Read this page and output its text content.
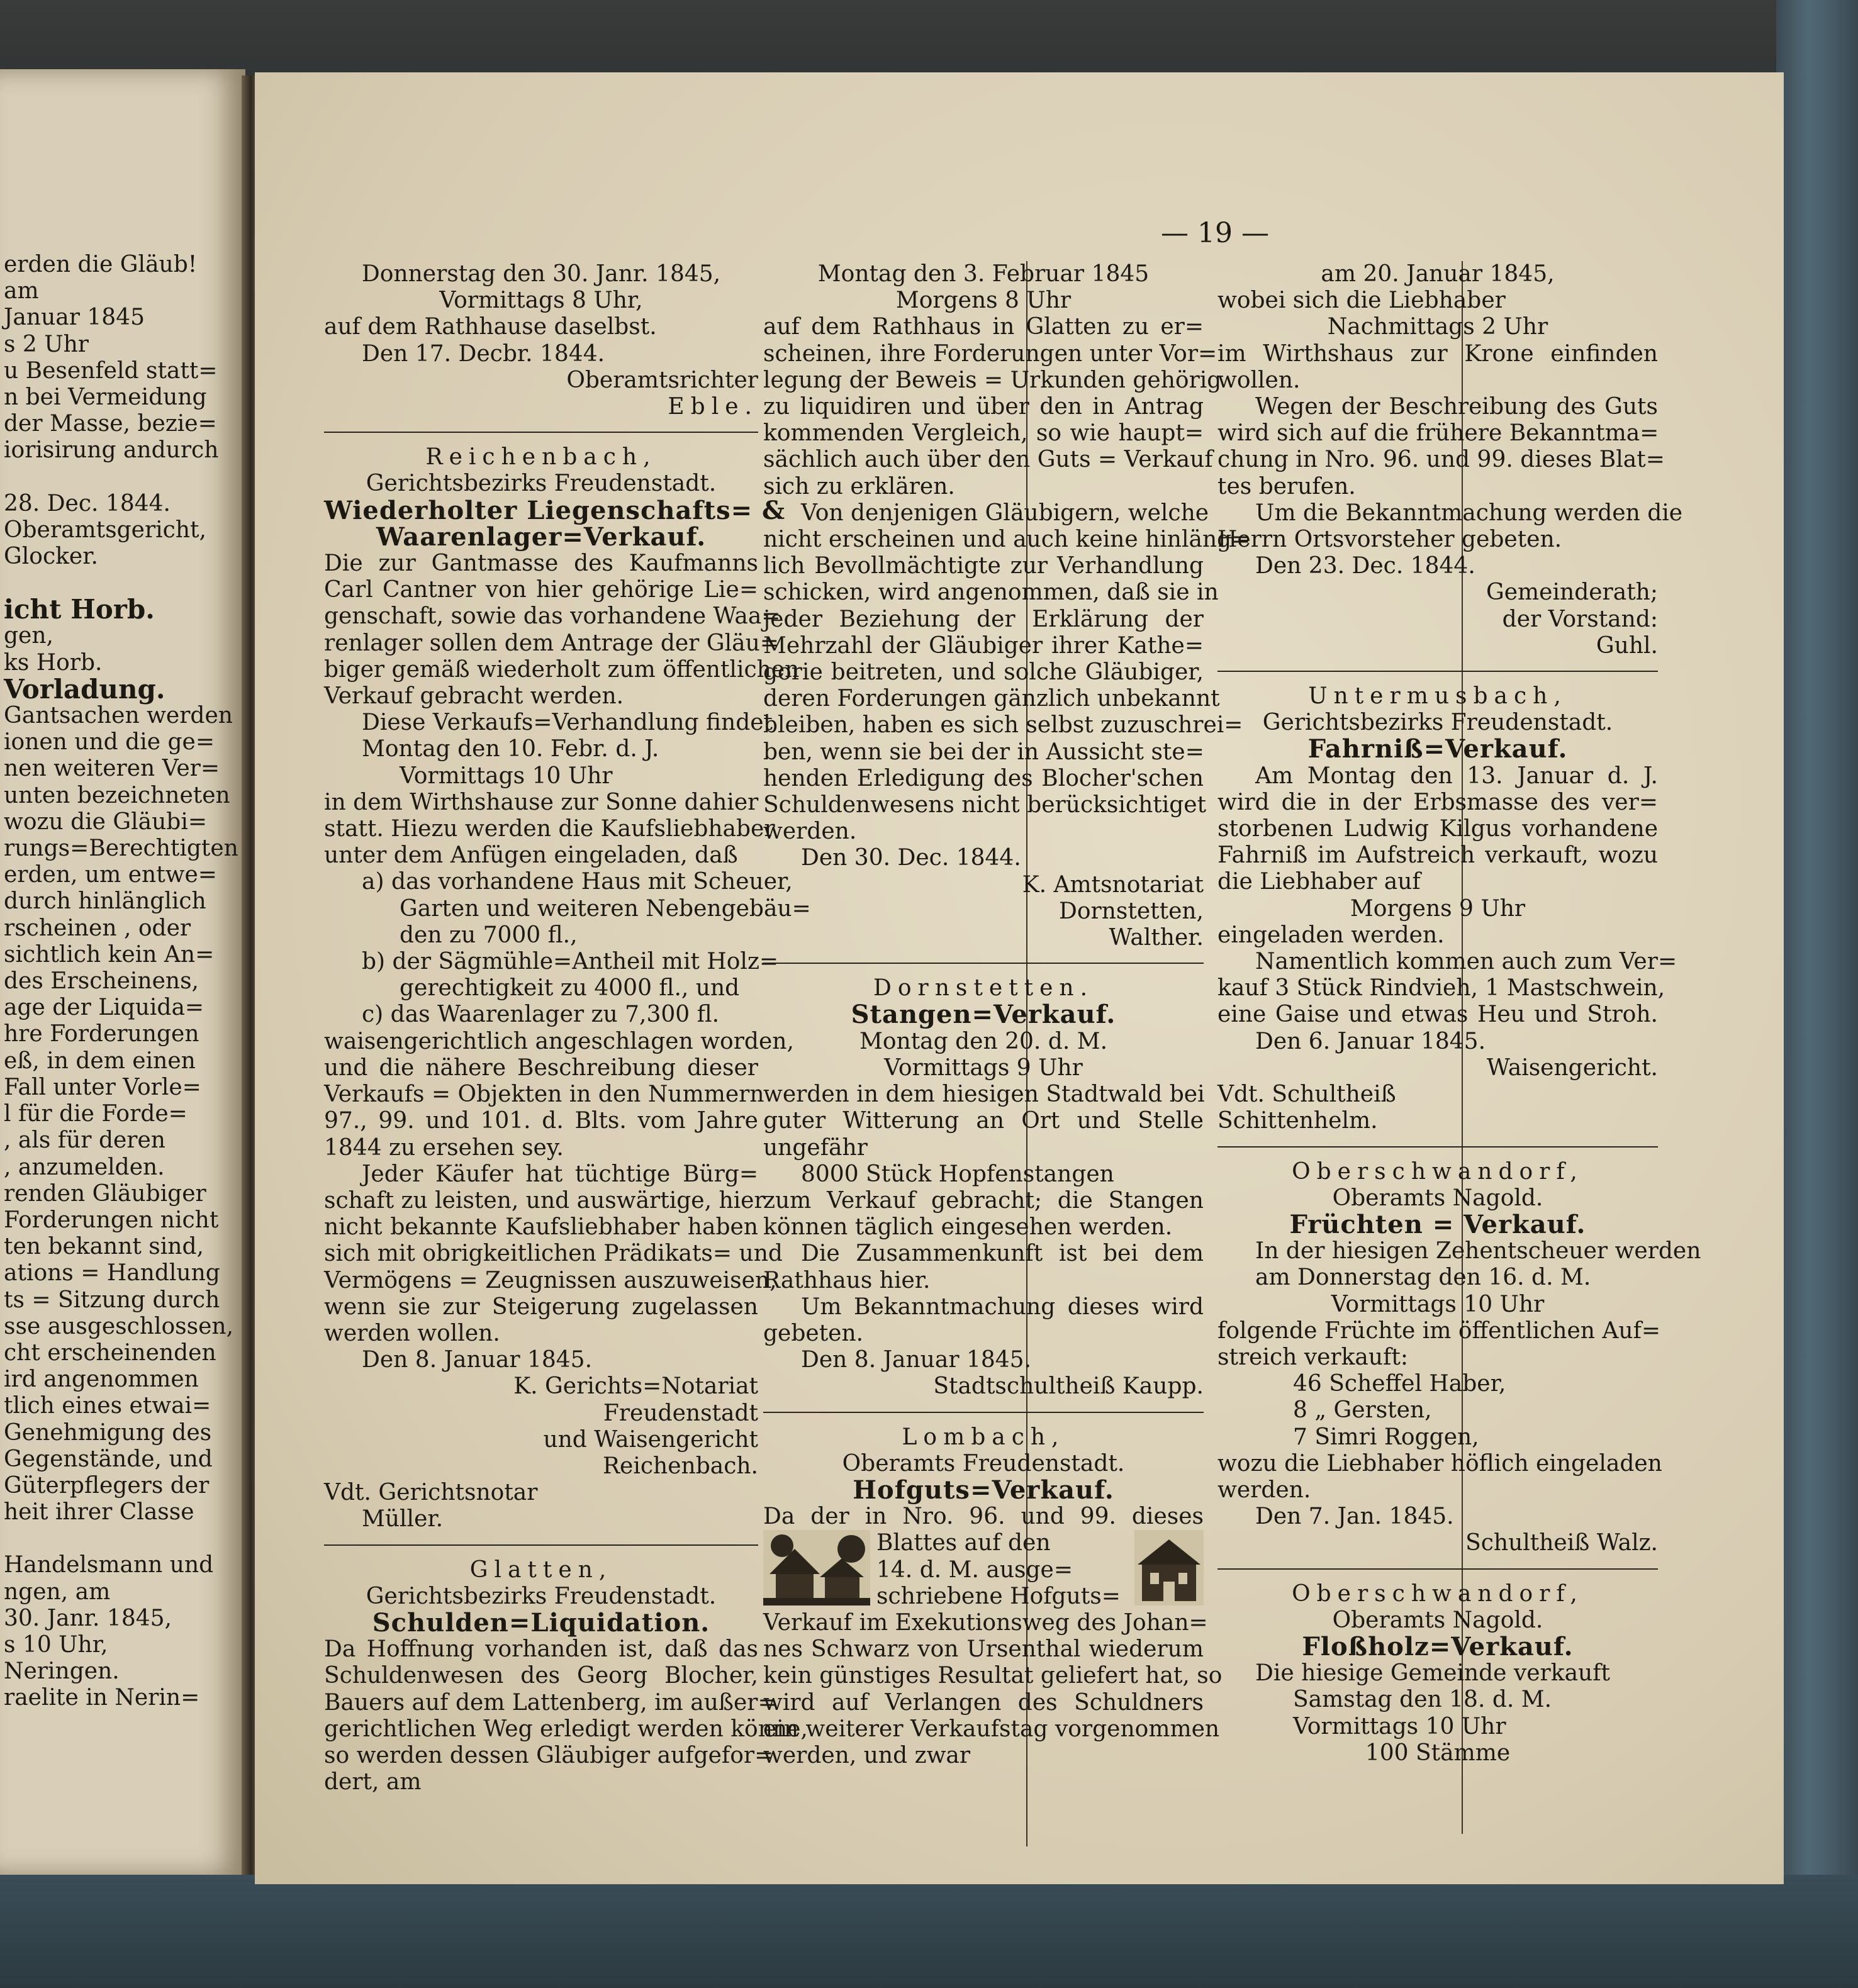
erden die Gläub!

am

Januar 1845

s 2 Uhr

u Besenfeld statt=

n bei Vermeidung

der Masse, bezie=

iorisirung andurch

28. Dec. 1844.

Oberamtsgericht,

Glocker.

icht Horb.

gen,

ks Horb.

Vorladung.

Gantsachen werden

ionen und die ge=

nen weiteren Ver=

unten bezeichneten

wozu die Gläubi=

rungs=Berechtigten

erden, um entwe=

durch hinlänglich

rscheinen , oder

sichtlich kein An=

des Erscheinens,

age der Liquida=

hre Forderungen

eß, in dem einen

Fall unter Vorle=

l für die Forde=

, als für deren

, anzumelden.

renden Gläubiger

Forderungen nicht

ten bekannt sind,

ations = Handlung

ts = Sitzung durch

sse ausgeschlossen,

cht erscheinenden

ird angenommen

tlich eines etwai=

Genehmigung des

Gegenstände, und

Güterpflegers der

heit ihrer Classe

Handelsmann und

ngen, am

30. Janr. 1845,

s 10 Uhr,

Neringen.

raelite in Nerin=

— 19 —

Donnerstag den 30. Janr. 1845,

Vormittags 8 Uhr,

auf dem Rathhause daselbst.

Den 17. Decbr. 1844.

Oberamtsrichter

Eble.

Reichenbach,

Gerichtsbezirks Freudenstadt.

Wiederholter Liegenschafts= &

Waarenlager=Verkauf.

Die zur Gantmasse des Kaufmanns

Carl Cantner von hier gehörige Lie=

genschaft, sowie das vorhandene Waa=

renlager sollen dem Antrage der Gläu=

biger gemäß wiederholt zum öffentlichen

Verkauf gebracht werden.

Diese Verkaufs=Verhandlung findet

Montag den 10. Febr. d. J.

Vormittags 10 Uhr

in dem Wirthshause zur Sonne dahier

statt. Hiezu werden die Kaufsliebhaber

unter dem Anfügen eingeladen, daß

a) das vorhandene Haus mit Scheuer,

Garten und weiteren Nebengebäu=

den zu 7000 fl.,

b) der Sägmühle=Antheil mit Holz=

gerechtigkeit zu 4000 fl., und

c) das Waarenlager zu 7,300 fl.

waisengerichtlich angeschlagen worden,

und die nähere Beschreibung dieser

Verkaufs = Objekten in den Nummern

97., 99. und 101. d. Blts. vom Jahre

1844 zu ersehen sey.

Jeder Käufer hat tüchtige Bürg=

schaft zu leisten, und auswärtige, hier

nicht bekannte Kaufsliebhaber haben

sich mit obrigkeitlichen Prädikats= und

Vermögens = Zeugnissen auszuweisen,

wenn sie zur Steigerung zugelassen

werden wollen.

Den 8. Januar 1845.

K. Gerichts=Notariat

Freudenstadt

und Waisengericht

Reichenbach.

Vdt. Gerichtsnotar

Müller.

Glatten,

Gerichtsbezirks Freudenstadt.

Schulden=Liquidation.

Da Hoffnung vorhanden ist, daß das

Schuldenwesen des Georg Blocher,

Bauers auf dem Lattenberg, im außer=

gerichtlichen Weg erledigt werden könne,

so werden dessen Gläubiger aufgefor=

dert, am

Montag den 3. Februar 1845

Morgens 8 Uhr

auf dem Rathhaus in Glatten zu er=

scheinen, ihre Forderungen unter Vor=

legung der Beweis = Urkunden gehörig

zu liquidiren und über den in Antrag

kommenden Vergleich, so wie haupt=

sächlich auch über den Guts = Verkauf

sich zu erklären.

Von denjenigen Gläubigern, welche

nicht erscheinen und auch keine hinläng=

lich Bevollmächtigte zur Verhandlung

schicken, wird angenommen, daß sie in

jeder Beziehung der Erklärung der

Mehrzahl der Gläubiger ihrer Kathe=

gorie beitreten, und solche Gläubiger,

deren Forderungen gänzlich unbekannt

bleiben, haben es sich selbst zuzuschrei=

ben, wenn sie bei der in Aussicht ste=

henden Erledigung des Blocher'schen

Schuldenwesens nicht berücksichtiget

werden.

Den 30. Dec. 1844.

K. Amtsnotariat

Dornstetten,

Walther.

Dornstetten.

Stangen=Verkauf.

Montag den 20. d. M.

Vormittags 9 Uhr

werden in dem hiesigen Stadtwald bei

guter Witterung an Ort und Stelle

ungefähr

8000 Stück Hopfenstangen

zum Verkauf gebracht; die Stangen

können täglich eingesehen werden.

Die Zusammenkunft ist bei dem

Rathhaus hier.

Um Bekanntmachung dieses wird

gebeten.

Den 8. Januar 1845.

Stadtschultheiß Kaupp.

Lombach,

Oberamts Freudenstadt.

Hofguts=Verkauf.

Da der in Nro. 96. und 99. dieses

Blattes auf den

14. d. M. ausge=

schriebene Hofguts=

Verkauf im Exekutionsweg des Johan=

nes Schwarz von Ursenthal wiederum

kein günstiges Resultat geliefert hat, so

wird auf Verlangen des Schuldners

ein weiterer Verkaufstag vorgenommen

werden, und zwar

am 20. Januar 1845,

wobei sich die Liebhaber

Nachmittags 2 Uhr

im Wirthshaus zur Krone einfinden

wollen.

Wegen der Beschreibung des Guts

wird sich auf die frühere Bekanntma=

chung in Nro. 96. und 99. dieses Blat=

tes berufen.

Um die Bekanntmachung werden die

Herrn Ortsvorsteher gebeten.

Den 23. Dec. 1844.

Gemeinderath;

der Vorstand:

Guhl.

Untermusbach,

Gerichtsbezirks Freudenstadt.

Fahrniß=Verkauf.

Am Montag den 13. Januar d. J.

wird die in der Erbsmasse des ver=

storbenen Ludwig Kilgus vorhandene

Fahrniß im Aufstreich verkauft, wozu

die Liebhaber auf

Morgens 9 Uhr

eingeladen werden.

Namentlich kommen auch zum Ver=

kauf 3 Stück Rindvieh, 1 Mastschwein,

eine Gaise und etwas Heu und Stroh.

Den 6. Januar 1845.

Waisengericht.

Vdt. Schultheiß

Schittenhelm.

Oberschwandorf,

Oberamts Nagold.

Früchten = Verkauf.

In der hiesigen Zehentscheuer werden

am Donnerstag den 16. d. M.

Vormittags 10 Uhr

folgende Früchte im öffentlichen Auf=

streich verkauft:

46 Scheffel Haber,

8 „ Gersten,

7 Simri Roggen,

wozu die Liebhaber höflich eingeladen

werden.

Den 7. Jan. 1845.

Schultheiß Walz.

Oberschwandorf,

Oberamts Nagold.

Floßholz=Verkauf.

Die hiesige Gemeinde verkauft

Samstag den 18. d. M.

Vormittags 10 Uhr

100 Stämme
